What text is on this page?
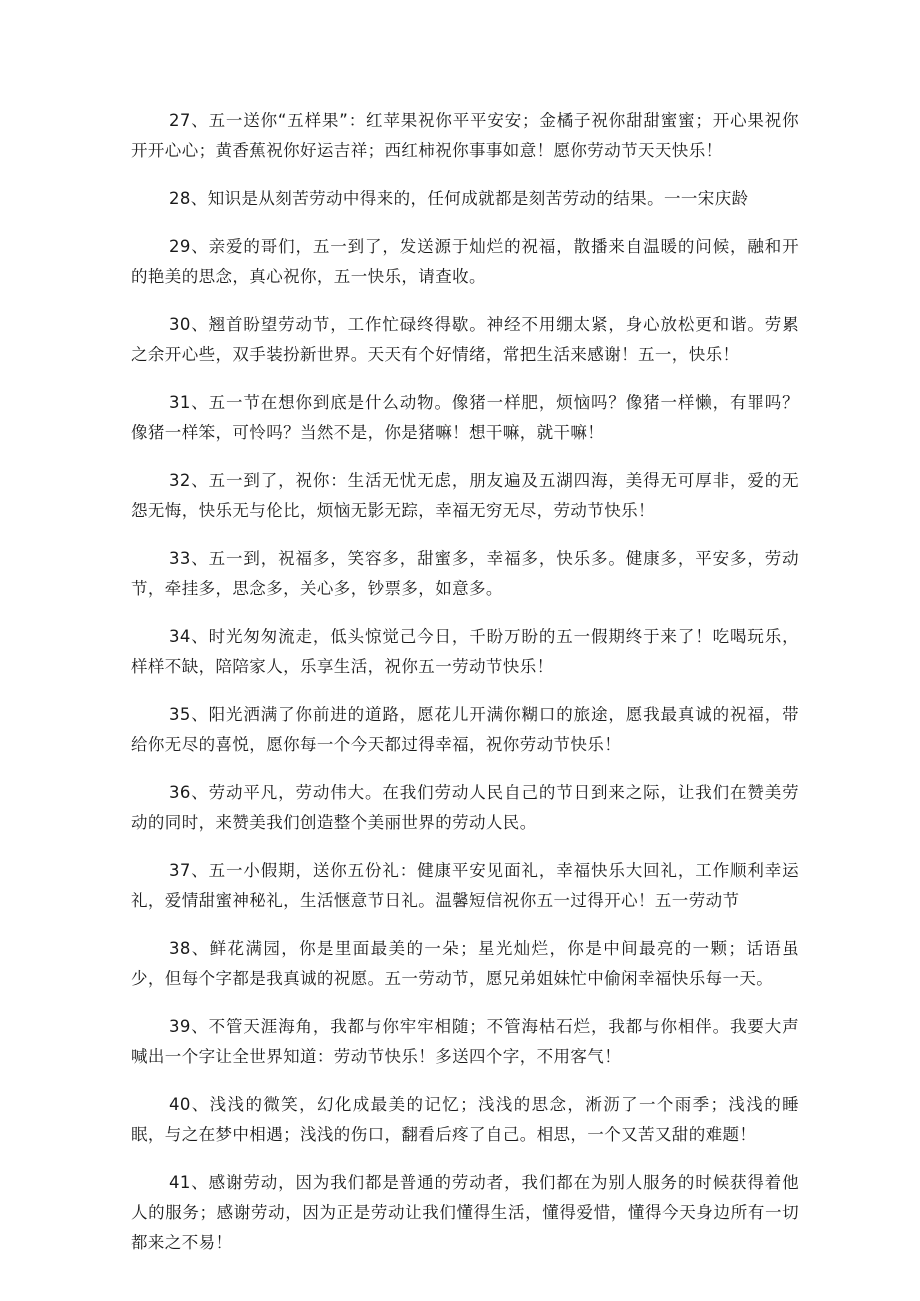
27、五一送你“五样果”：红苹果祝你平平安安；金橘子祝你甜甜蜜蜜；开心果祝你开开心心；黄香蕉祝你好运吉祥；西红柿祝你事事如意！愿你劳动节天天快乐！

28、知识是从刻苦劳动中得来的，任何成就都是刻苦劳动的结果。一一宋庆龄

29、亲爱的哥们，五一到了，发送源于灿烂的祝福，散播来自温暖的问候，融和开的艳美的思念，真心祝你，五一快乐，请查收。

30、翘首盼望劳动节，工作忙碌终得歇。神经不用绷太紧，身心放松更和谐。劳累之余开心些，双手装扮新世界。天天有个好情绪，常把生活来感谢！五一，快乐！

31、五一节在想你到底是什么动物。像猪一样肥，烦恼吗？像猪一样懒，有罪吗？像猪一样笨，可怜吗？当然不是，你是猪嘛！想干嘛，就干嘛！

32、五一到了，祝你：生活无忧无虑，朋友遍及五湖四海，美得无可厚非，爱的无怨无悔，快乐无与伦比，烦恼无影无踪，幸福无穷无尽，劳动节快乐！

33、五一到，祝福多，笑容多，甜蜜多，幸福多，快乐多。健康多，平安多，劳动节，牵挂多，思念多，关心多，钞票多，如意多。

34、时光匆匆流走，低头惊觉己今日，千盼万盼的五一假期终于来了！吃喝玩乐，样样不缺，陪陪家人，乐享生活，祝你五一劳动节快乐！

35、阳光洒满了你前进的道路，愿花儿开满你糊口的旅途，愿我最真诚的祝福，带给你无尽的喜悦，愿你每一个今天都过得幸福，祝你劳动节快乐！

36、劳动平凡，劳动伟大。在我们劳动人民自己的节日到来之际，让我们在赞美劳动的同时，来赞美我们创造整个美丽世界的劳动人民。

37、五一小假期，送你五份礼：健康平安见面礼，幸福快乐大回礼，工作顺利幸运礼，爱情甜蜜神秘礼，生活惬意节日礼。温馨短信祝你五一过得开心！五一劳动节

38、鲜花满园，你是里面最美的一朵；星光灿烂，你是中间最亮的一颗；话语虽少，但每个字都是我真诚的祝愿。五一劳动节，愿兄弟姐妹忙中偷闲幸福快乐每一天。

39、不管天涯海角，我都与你牢牢相随；不管海枯石烂，我都与你相伴。我要大声喊出一个字让全世界知道：劳动节快乐！多送四个字，不用客气！

40、浅浅的微笑，幻化成最美的记忆；浅浅的思念，淅沥了一个雨季；浅浅的睡眠，与之在梦中相遇；浅浅的伤口，翻看后疼了自己。相思，一个又苦又甜的难题！

41、感谢劳动，因为我们都是普通的劳动者，我们都在为别人服务的时候获得着他人的服务；感谢劳动，因为正是劳动让我们懂得生活，懂得爱惜，懂得今天身边所有一切都来之不易！
